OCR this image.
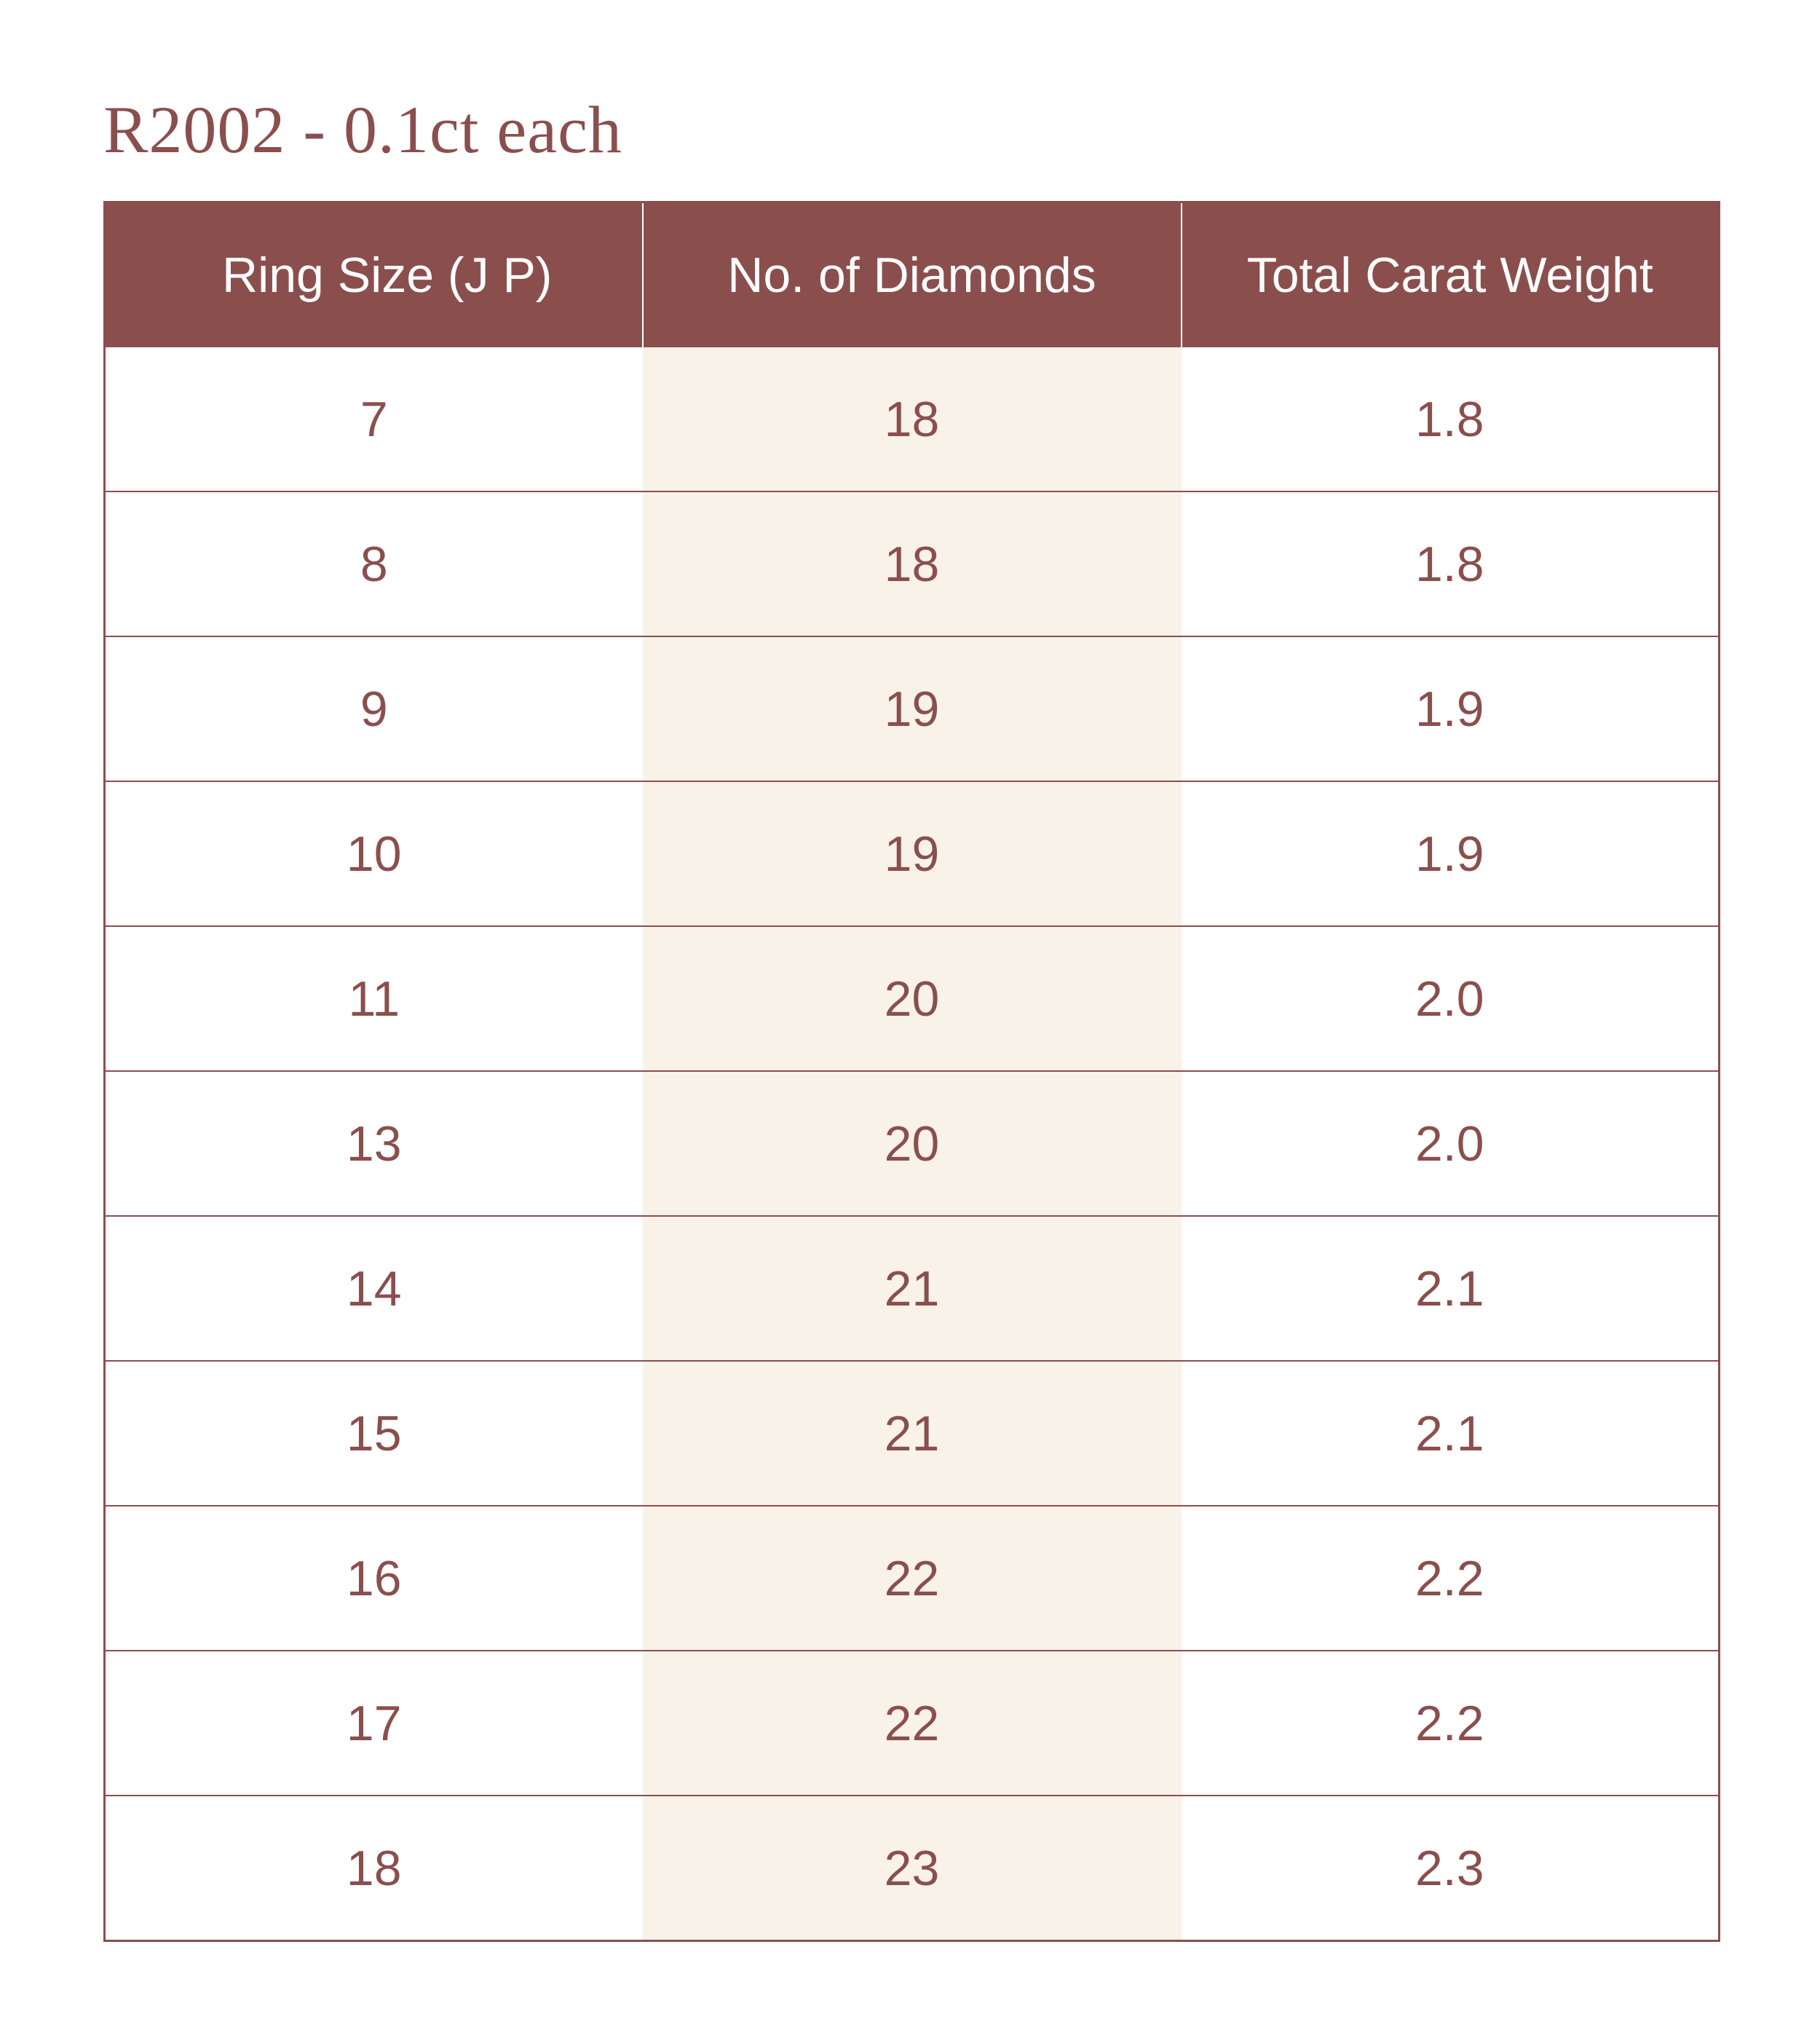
R2002 - 0.1ct each
Ring Size (J P)	No. of Diamonds	Total Carat Weight
7	18	1.8
8	18	1.8
9	19	1.9
10	19	1.9
11	20	2.0
13	20	2.0
14	21	2.1
15	21	2.1
16	22	2.2
17	22	2.2
18	23	2.3
